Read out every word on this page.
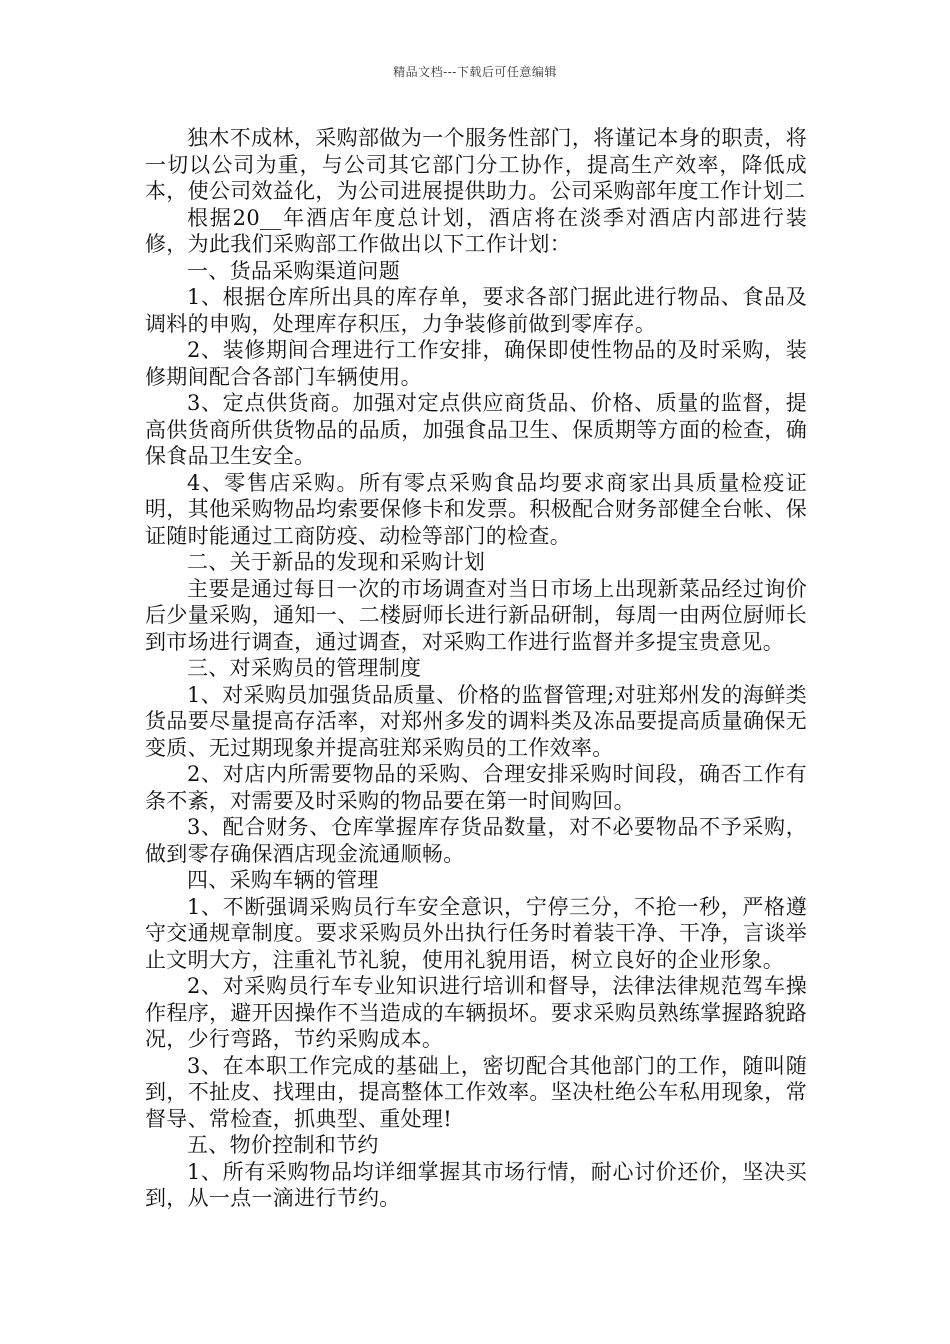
精品文档---下载后可任意编辑

独木不成林，采购部做为一个服务性部门，将谨记本身的职责，将一切以公司为重，与公司其它部门分工协作，提高生产效率，降低成本，使公司效益化，为公司进展提供助力。公司采购部年度工作计划二

根据20__年酒店年度总计划，酒店将在淡季对酒店内部进行装修，为此我们采购部工作做出以下工作计划：

一、货品采购渠道问题

1、根据仓库所出具的库存单，要求各部门据此进行物品、食品及调料的申购，处理库存积压，力争装修前做到零库存。

2、装修期间合理进行工作安排，确保即使性物品的及时采购，装修期间配合各部门车辆使用。

3、定点供货商。加强对定点供应商货品、价格、质量的监督，提高供货商所供货物品的品质，加强食品卫生、保质期等方面的检查，确保食品卫生安全。

4、零售店采购。所有零点采购食品均要求商家出具质量检疫证明，其他采购物品均索要保修卡和发票。积极配合财务部健全台帐、保证随时能通过工商防疫、动检等部门的检查。

二、关于新品的发现和采购计划

主要是通过每日一次的市场调查对当日市场上出现新菜品经过询价后少量采购，通知一、二楼厨师长进行新品研制，每周一由两位厨师长到市场进行调查，通过调查，对采购工作进行监督并多提宝贵意见。

三、对采购员的管理制度

1、对采购员加强货品质量、价格的监督管理;对驻郑州发的海鲜类货品要尽量提高存活率，对郑州多发的调料类及冻品要提高质量确保无变质、无过期现象并提高驻郑采购员的工作效率。

2、对店内所需要物品的采购、合理安排采购时间段，确否工作有条不紊，对需要及时采购的物品要在第一时间购回。

3、配合财务、仓库掌握库存货品数量，对不必要物品不予采购，做到零存确保酒店现金流通顺畅。

四、采购车辆的管理

1、不断强调采购员行车安全意识，宁停三分，不抢一秒，严格遵守交通规章制度。要求采购员外出执行任务时着装干净、干净，言谈举止文明大方，注重礼节礼貌，使用礼貌用语，树立良好的企业形象。

2、对采购员行车专业知识进行培训和督导，法律法律规范驾车操作程序，避开因操作不当造成的车辆损坏。要求采购员熟练掌握路貌路况，少行弯路，节约采购成本。

3、在本职工作完成的基础上，密切配合其他部门的工作，随叫随到，不扯皮、找理由，提高整体工作效率。坚决杜绝公车私用现象，常督导、常检查，抓典型、重处理!

五、物价控制和节约

1、所有采购物品均详细掌握其市场行情，耐心讨价还价，坚决买到，从一点一滴进行节约。
